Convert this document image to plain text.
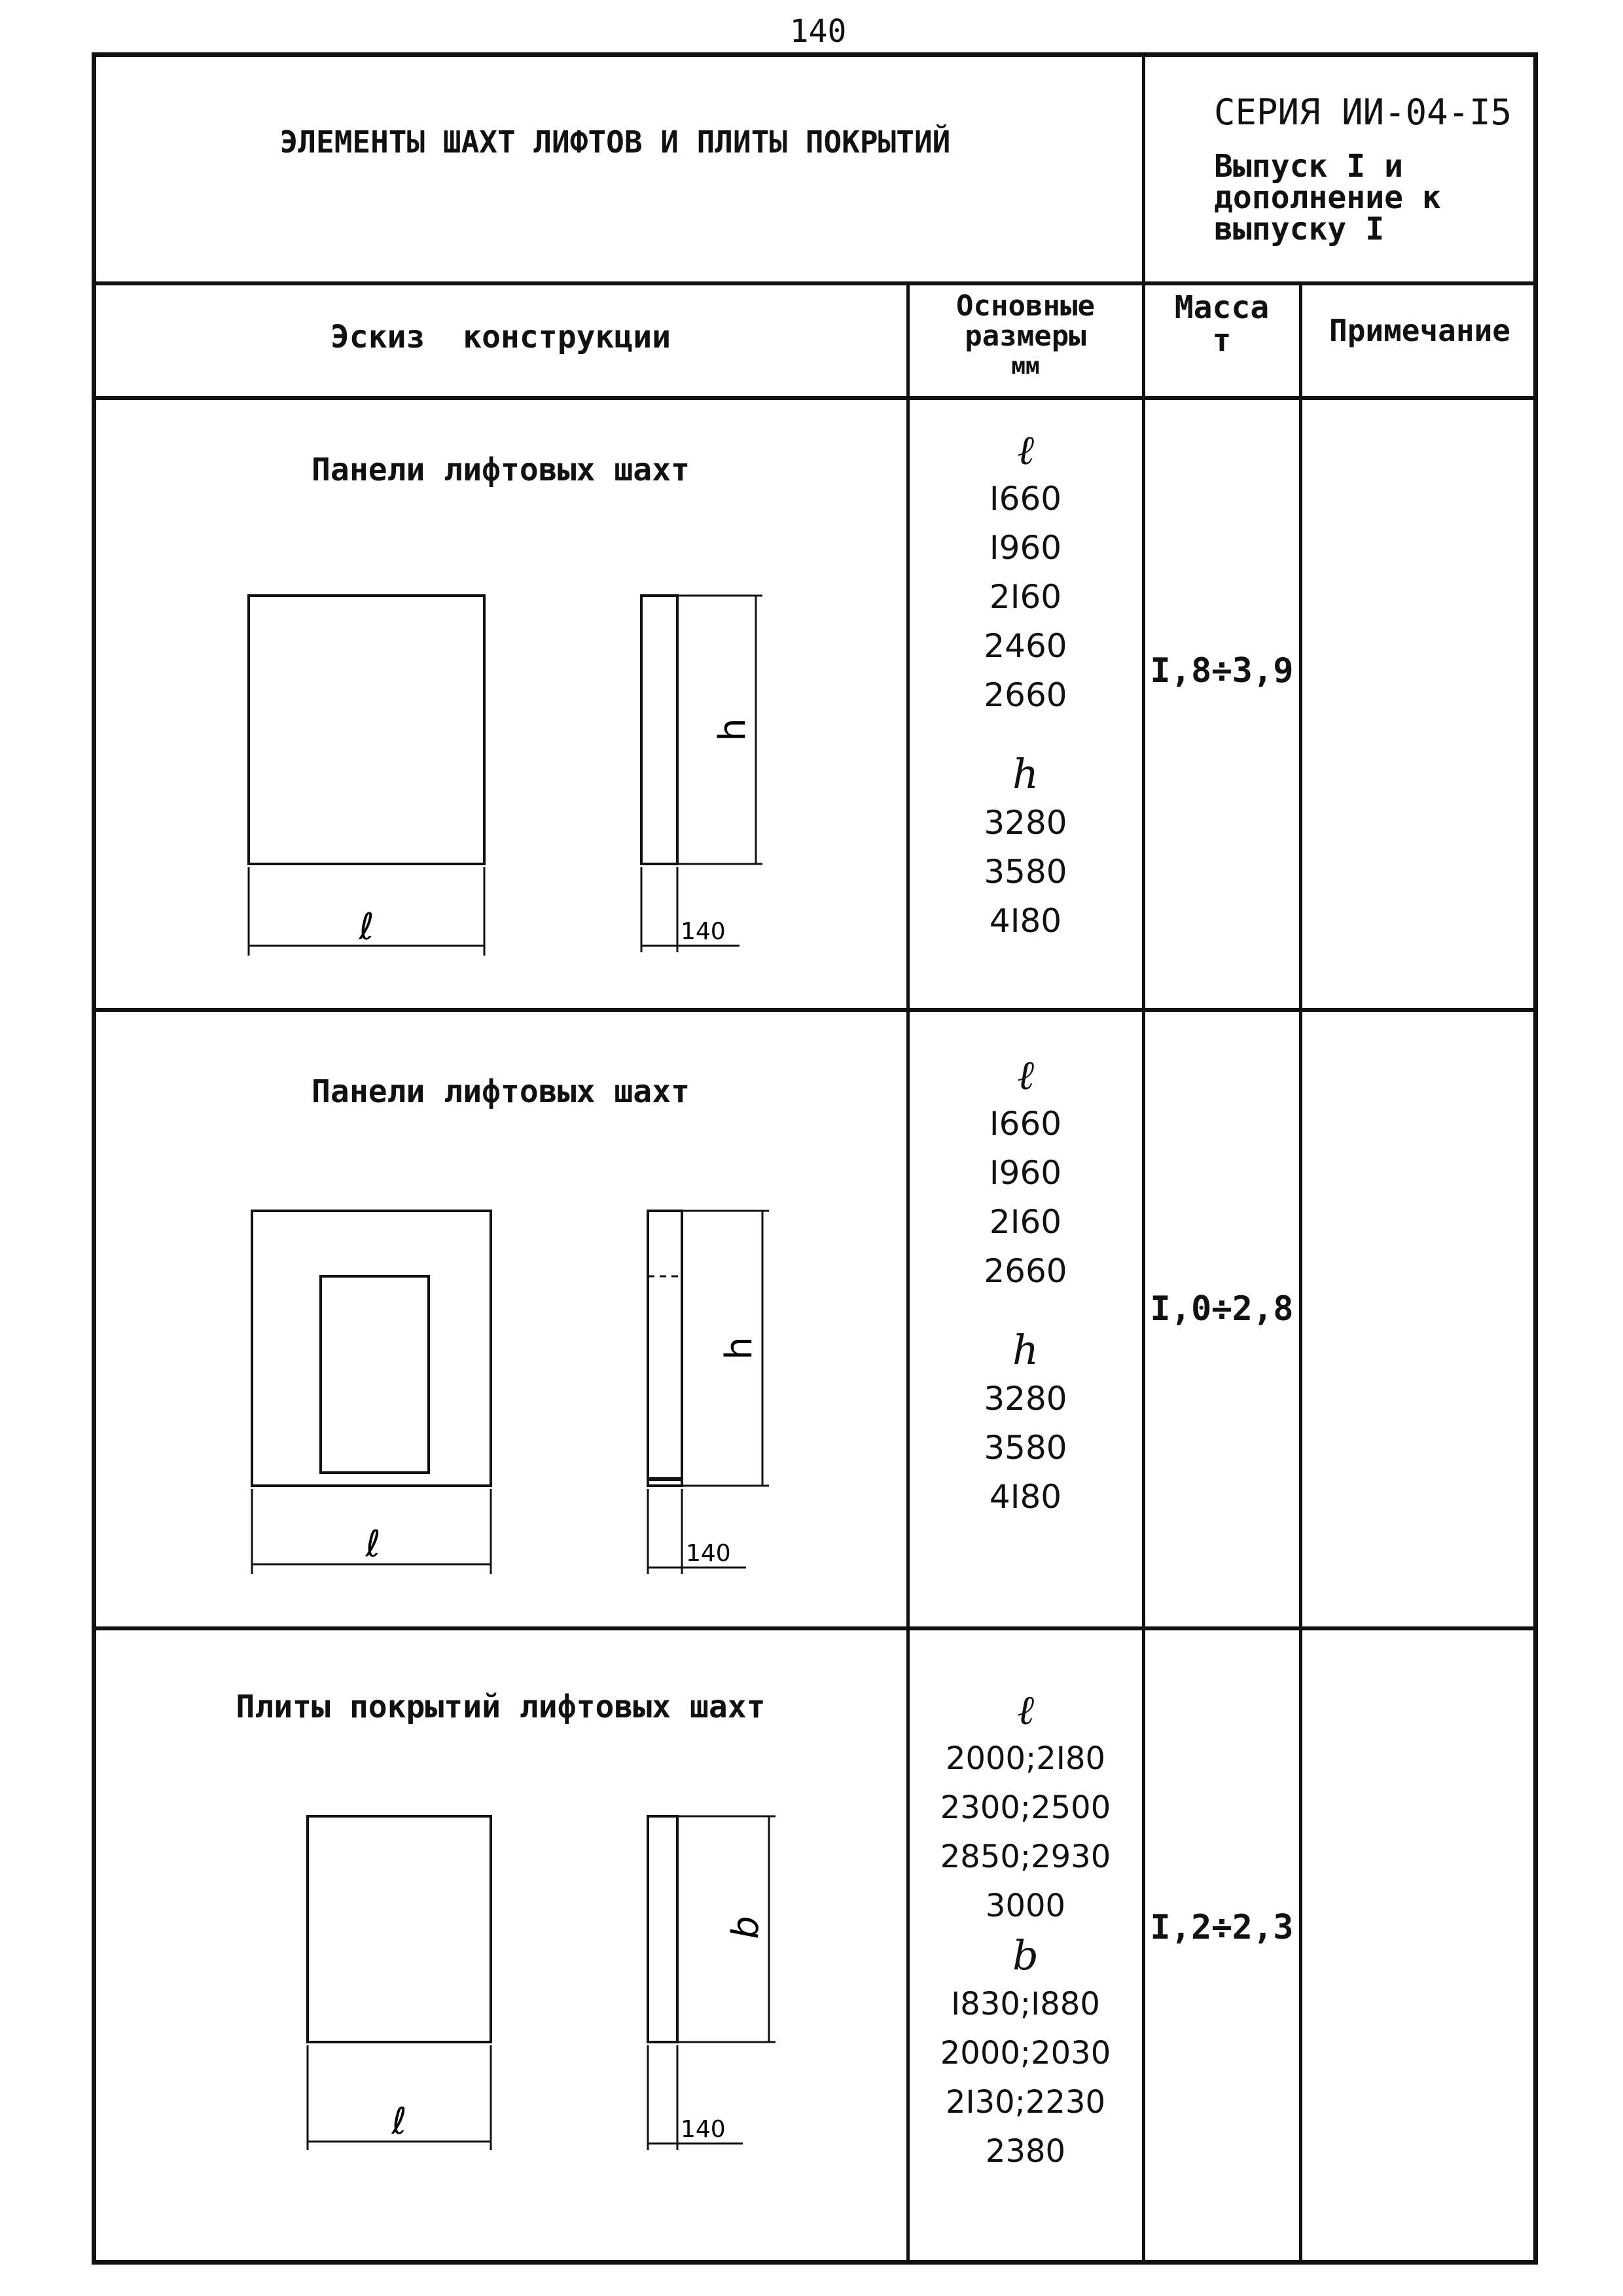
140
ЭЛЕМЕНТЫ ШАХТ ЛИФТОВ И ПЛИТЫ ПОКРЫТИЙ
СЕРИЯ ИИ-04-I5
Выпуск I и
дополнение к
выпуску I
Эскиз  конструкции
Основные
размеры
мм
Масса
т	Примечание
Панели лифтовых шахт
ℓ
h
140
ℓ
I660
I960
2I60
2460
2660
h
3280
3580
4I80
I,8÷3,9
Панели лифтовых шахт
ℓ
h
140
ℓ
I660
I960
2I60
2660
h
3280
3580
4I80
I,0÷2,8
Плиты покрытий лифтовых шахт
ℓ
b
140
ℓ
2000;2I80
2300;2500
2850;2930
3000
b
I830;I880
2000;2030
2I30;2230
2380
I,2÷2,3
